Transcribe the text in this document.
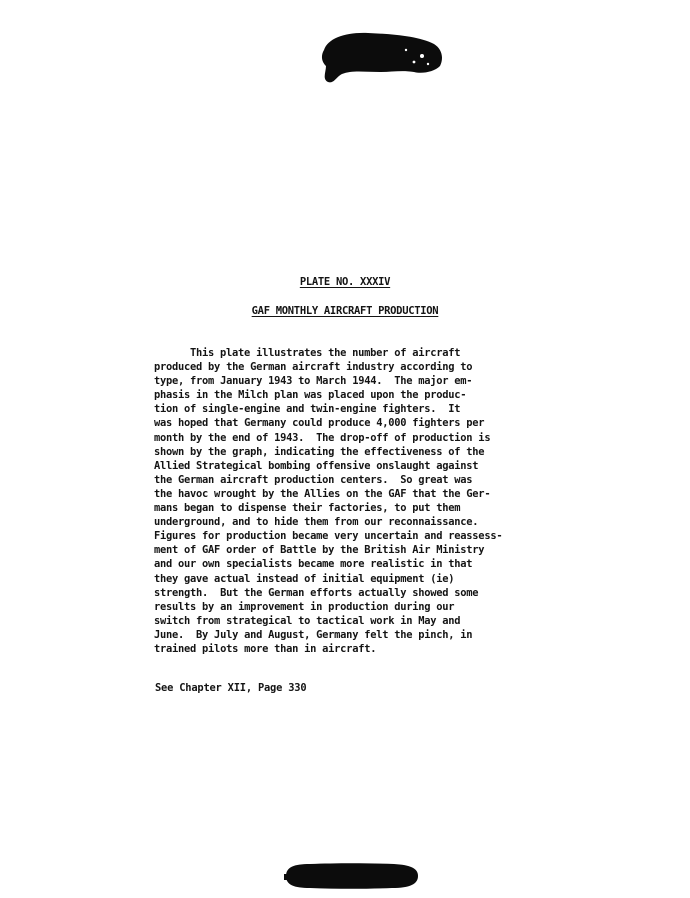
PLATE NO. XXXIV
GAF MONTHLY AIRCRAFT PRODUCTION
This plate illustrates the number of aircraft
produced by the German aircraft industry according to
type, from January 1943 to March 1944.  The major em-
phasis in the Milch plan was placed upon the produc-
tion of single-engine and twin-engine fighters.  It
was hoped that Germany could produce 4,000 fighters per
month by the end of 1943.  The drop-off of production is
shown by the graph, indicating the effectiveness of the
Allied Strategical bombing offensive onslaught against
the German aircraft production centers.  So great was
the havoc wrought by the Allies on the GAF that the Ger-
mans began to dispense their factories, to put them
underground, and to hide them from our reconnaissance.
Figures for production became very uncertain and reassess-
ment of GAF order of Battle by the British Air Ministry
and our own specialists became more realistic in that
they gave actual instead of initial equipment (ie)
strength.  But the German efforts actually showed some
results by an improvement in production during our
switch from strategical to tactical work in May and
June.  By July and August, Germany felt the pinch, in
trained pilots more than in aircraft.
See Chapter XII, Page 330
